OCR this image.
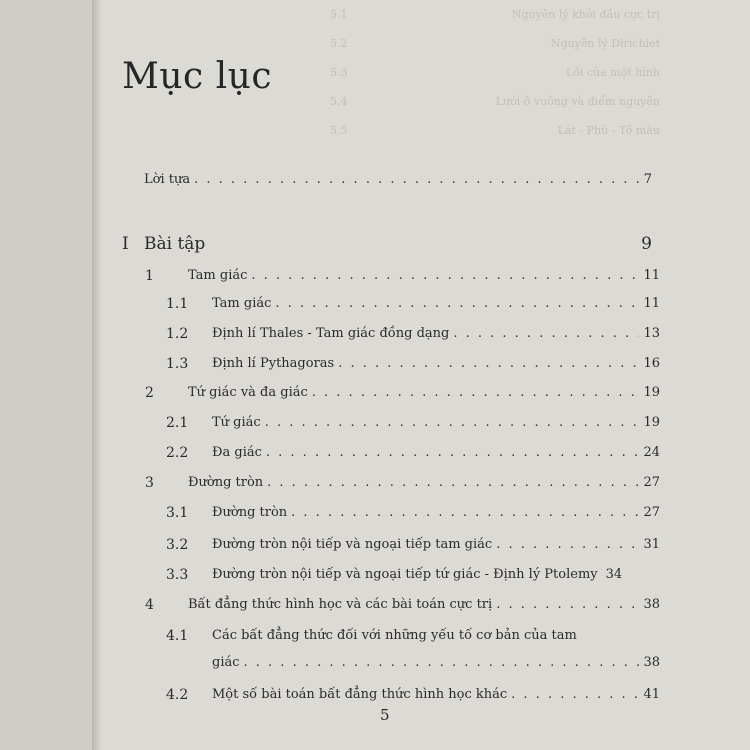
5.1	Nguyên lý khởi đầu cực trị
5.2	Nguyên lý Dirichlet
5.3	Lồi của một hình
5.4	Lưới ô vuông và điểm nguyên
5.5	Lát - Phủ - Tô màu
Mục lục
Lời tựa . . .	7
I Bài tập	9
1	Tam giác . . .	11
1.1 Tam giác . . .	11
1.2 Định lí Thales - Tam giác đồng dạng . . .	13
1.3 Định lí Pythagoras . . .	16
2	Tứ giác và đa giác . . .	19
2.1 Tứ giác . . .	19
2.2 Đa giác . . .	24
3	Đường tròn . . .	27
3.1 Đường tròn . . .	27
3.2 Đường tròn nội tiếp và ngoại tiếp tam giác . . .	31
3.3 Đường tròn nội tiếp và ngoại tiếp tứ giác - Định lý Ptolemy 34
4	Bất đẳng thức hình học và các bài toán cực trị . . .	38
4.1 Các bất đẳng thức đối với những yếu tố cơ bản của tam
giác . . .	38
4.2 Một số bài toán bất đẳng thức hình học khác . . .	41
5
